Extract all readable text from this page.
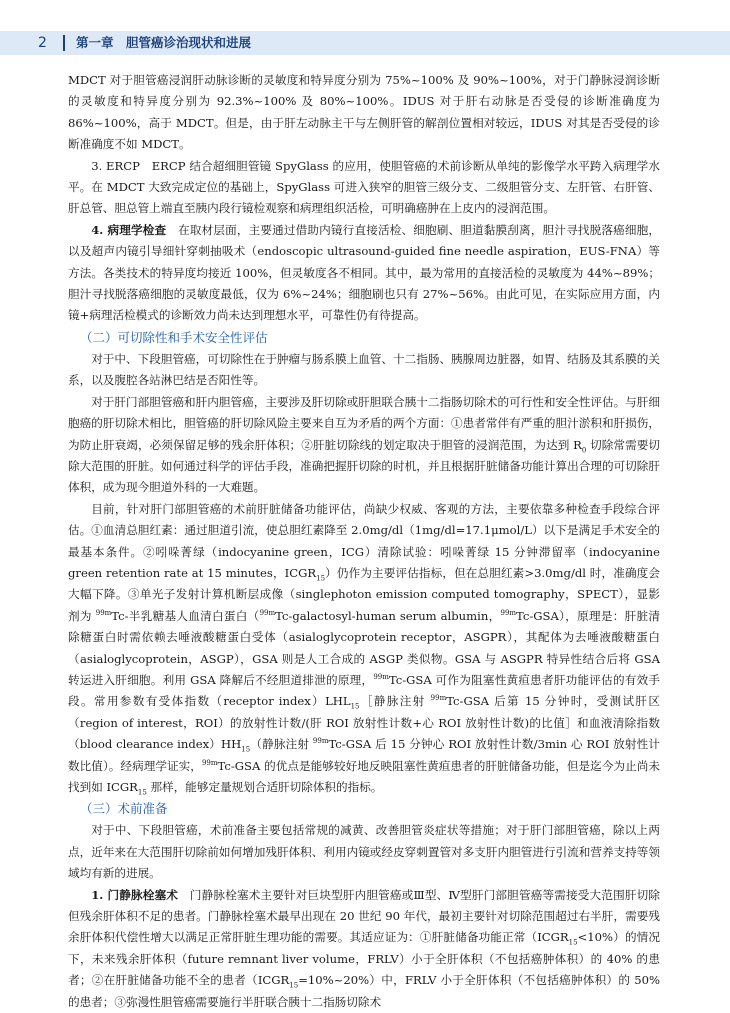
2 第一章　胆管癌诊治现状和进展

MDCT 对于胆管癌浸润肝动脉诊断的灵敏度和特异度分别为 75%~100% 及 90%~100%，对于门静脉浸润诊断的灵敏度和特异度分别为 92.3%~100% 及 80%~100%。IDUS 对于肝右动脉是否受侵的诊断准确度为 86%~100%，高于 MDCT。但是，由于肝左动脉主干与左侧肝管的解剖位置相对较远，IDUS 对其是否受侵的诊断准确度不如 MDCT。

3. ERCP　 ERCP 结合超细胆管镜 SpyGlass 的应用，使胆管癌的术前诊断从单纯的影像学水平跨入病理学水平。在 MDCT 大致完成定位的基础上，SpyGlass 可进入狭窄的胆管三级分支、二级胆管分支、左肝管、右肝管、肝总管、胆总管上端直至胰内段行镜检观察和病理组织活检，可明确癌肿在上皮内的浸润范围。

4. 病理学检查　 在取材层面，主要通过借助内镜行直接活检、细胞刷、胆道黏膜刮离，胆汁寻找脱落癌细胞，以及超声内镜引导细针穿刺抽吸术（endoscopic ultrasound-guided fine needle aspiration，EUS-FNA）等方法。各类技术的特异度均接近 100%，但灵敏度各不相同。其中，最为常用的直接活检的灵敏度为 44%~89%；胆汁寻找脱落癌细胞的灵敏度最低，仅为 6%~24%；细胞刷也只有 27%~56%。由此可见，在实际应用方面，内镜+病理活检模式的诊断效力尚未达到理想水平，可靠性仍有待提高。

（二）可切除性和手术安全性评估

对于中、下段胆管癌，可切除性在于肿瘤与肠系膜上血管、十二指肠、胰腺周边脏器，如胃、结肠及其系膜的关系，以及腹腔各站淋巴结是否阳性等。

对于肝门部胆管癌和肝内胆管癌，主要涉及肝切除或肝胆联合胰十二指肠切除术的可行性和安全性评估。与肝细胞癌的肝切除术相比，胆管癌的肝切除风险主要来自互为矛盾的两个方面：①患者常伴有严重的胆汁淤积和肝损伤，为防止肝衰竭，必须保留足够的残余肝体积；②肝脏切除线的划定取决于胆管的浸润范围，为达到 $R_0$ 切除常需要切除大范围的肝脏。如何通过科学的评估手段，准确把握肝切除的时机，并且根据肝脏储备功能计算出合理的可切除肝体积，成为现今胆道外科的一大难题。

目前，针对肝门部胆管癌的术前肝脏储备功能评估，尚缺少权威、客观的方法，主要依靠多种检查手段综合评估。①血清总胆红素：通过胆道引流，使总胆红素降至 2.0mg/dl（1mg/dl=17.1μmol/L）以下是满足手术安全的最基本条件。②吲哚菁绿（indocyanine green，ICG）清除试验：吲哚菁绿 15 分钟滞留率（indocyanine green retention rate at 15 minutes，$ICGR_{15}$）仍作为主要评估指标，但在总胆红素>3.0mg/dl 时，准确度会大幅下降。③单光子发射计算机断层成像（singlephoton emission computed tomography，SPECT），显影剂为 $^{99m}$Tc-半乳糖基人血清白蛋白（$^{99m}$Tc-galactosyl-human serum albumin，$^{99m}$Tc-GSA），原理是：肝脏清除糖蛋白时需依赖去唾液酸糖蛋白受体（asialoglycoprotein receptor，ASGPR），其配体为去唾液酸糖蛋白（asialoglycoprotein，ASGP），GSA 则是人工合成的 ASGP 类似物。GSA 与 ASGPR 特异性结合后将 GSA 转运进入肝细胞。利用 GSA 降解后不经胆道排泄的原理，$^{99m}$Tc-GSA 可作为阻塞性黄疸患者肝功能评估的有效手段。常用参数有受体指数（receptor $index)LHL_{15}[$静脉注射 $^{99m}$Tc-GSA 后第 15 分钟时，受测试肝区（region of interest，ROI）的放射性计数/(肝 ROI 放射性计数+心 ROI 放射性计数)的比值］和血液清除指数（blood clearance $index)HH_{15}$（静脉注射 $^{99m}$Tc-GSA 后 15 分钟心 ROI 放射性计数/3min 心 ROI 放射性计数比值）。经病理学证实，$^{99m}$Tc-GSA 的优点是能够较好地反映阻塞性黄疸患者的肝脏储备功能，但是迄今为止尚未找到如 $ICGR_{15}$ 那样，能够定量规划合适肝切除体积的指标。

（三）术前准备

对于中、下段胆管癌，术前准备主要包括常规的减黄、改善胆管炎症状等措施；对于肝门部胆管癌，除以上两点，近年来在大范围肝切除前如何增加残肝体积、利用内镜或经皮穿刺置管对多支肝内胆管进行引流和营养支持等领域均有新的进展。

1. 门静脉栓塞术　 门静脉栓塞术主要针对巨块型肝内胆管癌或Ⅲ型、Ⅳ型肝门部胆管癌等需接受大范围肝切除但残余肝体积不足的患者。门静脉栓塞术最早出现在 20 世纪 90 年代，最初主要针对切除范围超过右半肝，需要残余肝体积代偿性增大以满足正常肝脏生理功能的需要。其适应证为：①肝脏储备功能正常$(ICGR_{15}<10\%)$的情况下，未来残余肝体积（future remnant liver volume，FRLV）小于全肝体积（不包括癌肿体积）的 40% 的患者；②在肝脏储备功能不全的患者$(ICGR_{15}=10\%\sim 20\%)$中，FRLV 小于全肝体积（不包括癌肿体积）的 50% 的患者；③弥漫性胆管癌需要施行半肝联合胰十二指肠切除术
